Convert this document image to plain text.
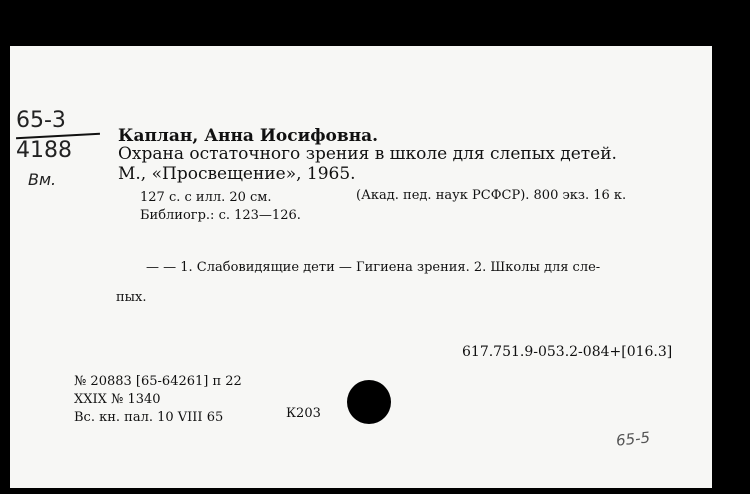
65-3
4188
Вм.
Каплан, Анна Иосифовна.
Охрана остаточного зрения в школе для слепых детей.
М., «Просвещение», 1965.
127 с. с илл. 20 см.	(Акад. пед. наук РСФСР). 800 экз. 16 к.
Библиогр.: с. 123—126.
— — 1. Слабовидящие дети — Гигиена зрения. 2. Школы для сле-
пых.
617.751.9-053.2-084+[016.3]
№ 20883 [65-64261] п 22
XXIX № 1340
Вс. кн. пал. 10 VIII 65	К203
65-5
